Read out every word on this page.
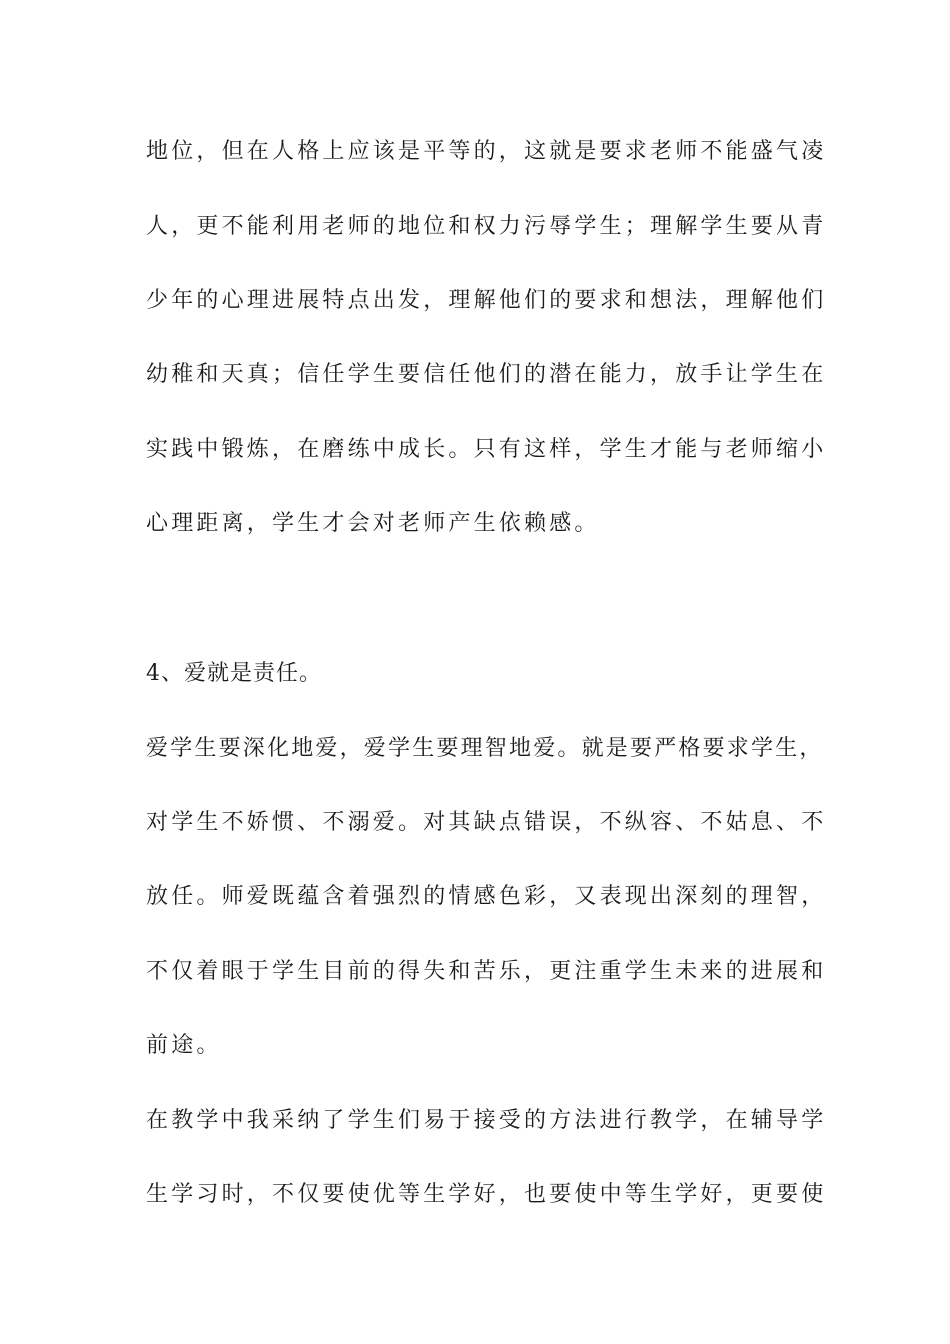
地位，但在人格上应该是平等的，这就是要求老师不能盛气凌
人，更不能利用老师的地位和权力污辱学生；理解学生要从青
少年的心理进展特点出发，理解他们的要求和想法，理解他们
幼稚和天真；信任学生要信任他们的潜在能力，放手让学生在
实践中锻炼，在磨练中成长。只有这样，学生才能与老师缩小
心理距离，学生才会对老师产生依赖感。
4、爱就是责任。
爱学生要深化地爱，爱学生要理智地爱。就是要严格要求学生，
对学生不娇惯、不溺爱。对其缺点错误，不纵容、不姑息、不
放任。师爱既蕴含着强烈的情感色彩，又表现出深刻的理智，
不仅着眼于学生目前的得失和苦乐，更注重学生未来的进展和
前途。
在教学中我采纳了学生们易于接受的方法进行教学，在辅导学
生学习时，不仅要使优等生学好，也要使中等生学好，更要使
